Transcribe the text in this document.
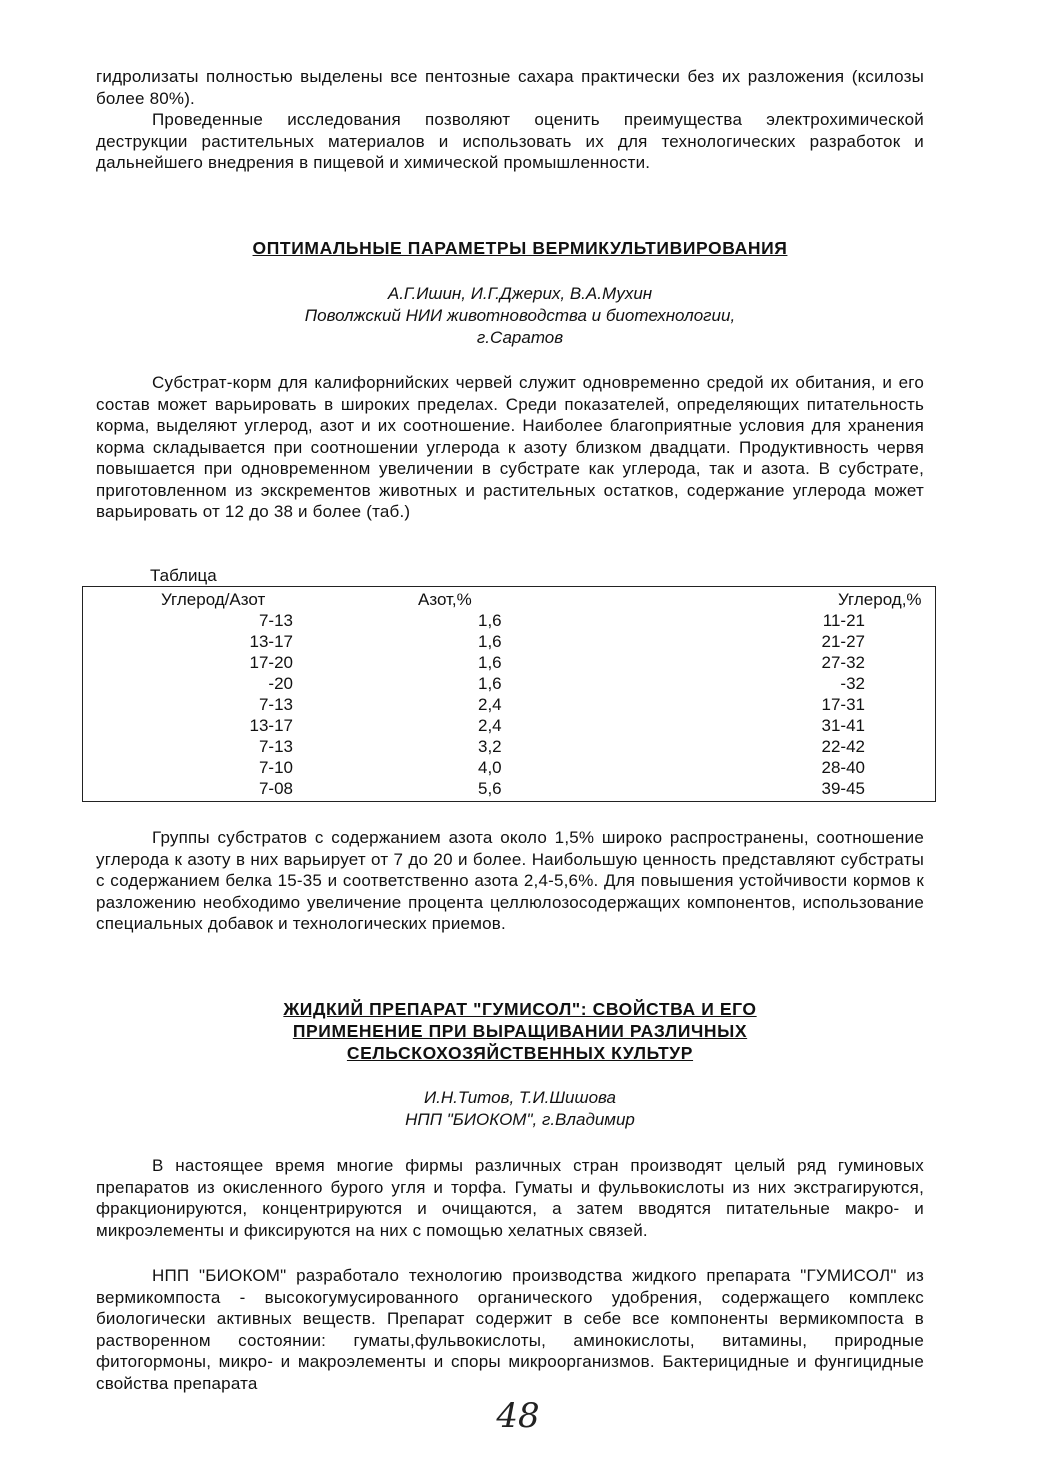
гидролизаты полностью выделены все пентозные сахара практически без их разложения (ксилозы более 80%).

Проведенные исследования позволяют оценить преимущества электрохимической деструкции растительных материалов и использовать их для технологических разработок и дальнейшего внедрения в пищевой и химической промышленности.

ОПТИМАЛЬНЫЕ ПАРАМЕТРЫ ВЕРМИКУЛЬТИВИРОВАНИЯ

А.Г.Ишин, И.Г.Джерих, В.А.Мухин

Поволжский НИИ животноводства и биотехнологии,

г.Саратов

Субстрат-корм для калифорнийских червей служит одновременно средой их обитания, и его состав может варьировать в широких пределах. Среди показателей, определяющих питательность корма, выделяют углерод, азот и их соотношение. Наиболее благоприятные условия для хранения корма складывается при соотношении углерода к азоту близком двадцати. Продуктивность червя повышается при одновременном увеличении в субстрате как углерода, так и азота. В субстрате, приготовленном из экскрементов животных и растительных остатков, содержание углерода может варьировать от 12 до 38 и более (таб.)

Таблица

Углерод/Азот	Азот,%	Углерод,%
7-13	1,6	11-21
13-17	1,6	21-27
17-20	1,6	27-32
-20	1,6	-32
7-13	2,4	17-31
13-17	2,4	31-41
7-13	3,2	22-42
7-10	4,0	28-40
7-08	5,6	39-45

Группы субстратов с содержанием азота около 1,5% широко распространены, соотношение углерода к азоту в них варьирует от 7 до 20 и более. Наибольшую ценность представляют субстраты с содержанием белка 15-35 и соответственно азота 2,4-5,6%. Для повышения устойчивости кормов к разложению необходимо увеличение процента целлюлозосодержащих компонентов, использование специальных добавок и технологических приемов.

ЖИДКИЙ ПРЕПАРАТ "ГУМИСОЛ": СВОЙСТВА И ЕГО

ПРИМЕНЕНИЕ ПРИ ВЫРАЩИВАНИИ РАЗЛИЧНЫХ

СЕЛЬСКОХОЗЯЙСТВЕННЫХ КУЛЬТУР

И.Н.Титов, Т.И.Шишова

НПП "БИОКОМ", г.Владимир

В настоящее время многие фирмы различных стран производят целый ряд гуминовых препаратов из окисленного бурого угля и торфа. Гуматы и фульвокислоты из них экстрагируются, фракционируются, концентрируются и очищаются, а затем вводятся питательные макро- и микроэлементы и фиксируются на них с помощью хелатных связей.

НПП "БИОКОМ" разработало технологию производства жидкого препарата "ГУМИСОЛ" из вермикомпоста - высокогумусированного органического удобрения, содержащего комплекс биологически активных веществ. Препарат содержит в себе все компоненты вермикомпоста в растворенном состоянии: гуматы,фульвокислоты, аминокислоты, витамины, природные фитогормоны, микро- и макроэлементы и споры микроорганизмов. Бактерицидные и фунгицидные свойства препарата

48
